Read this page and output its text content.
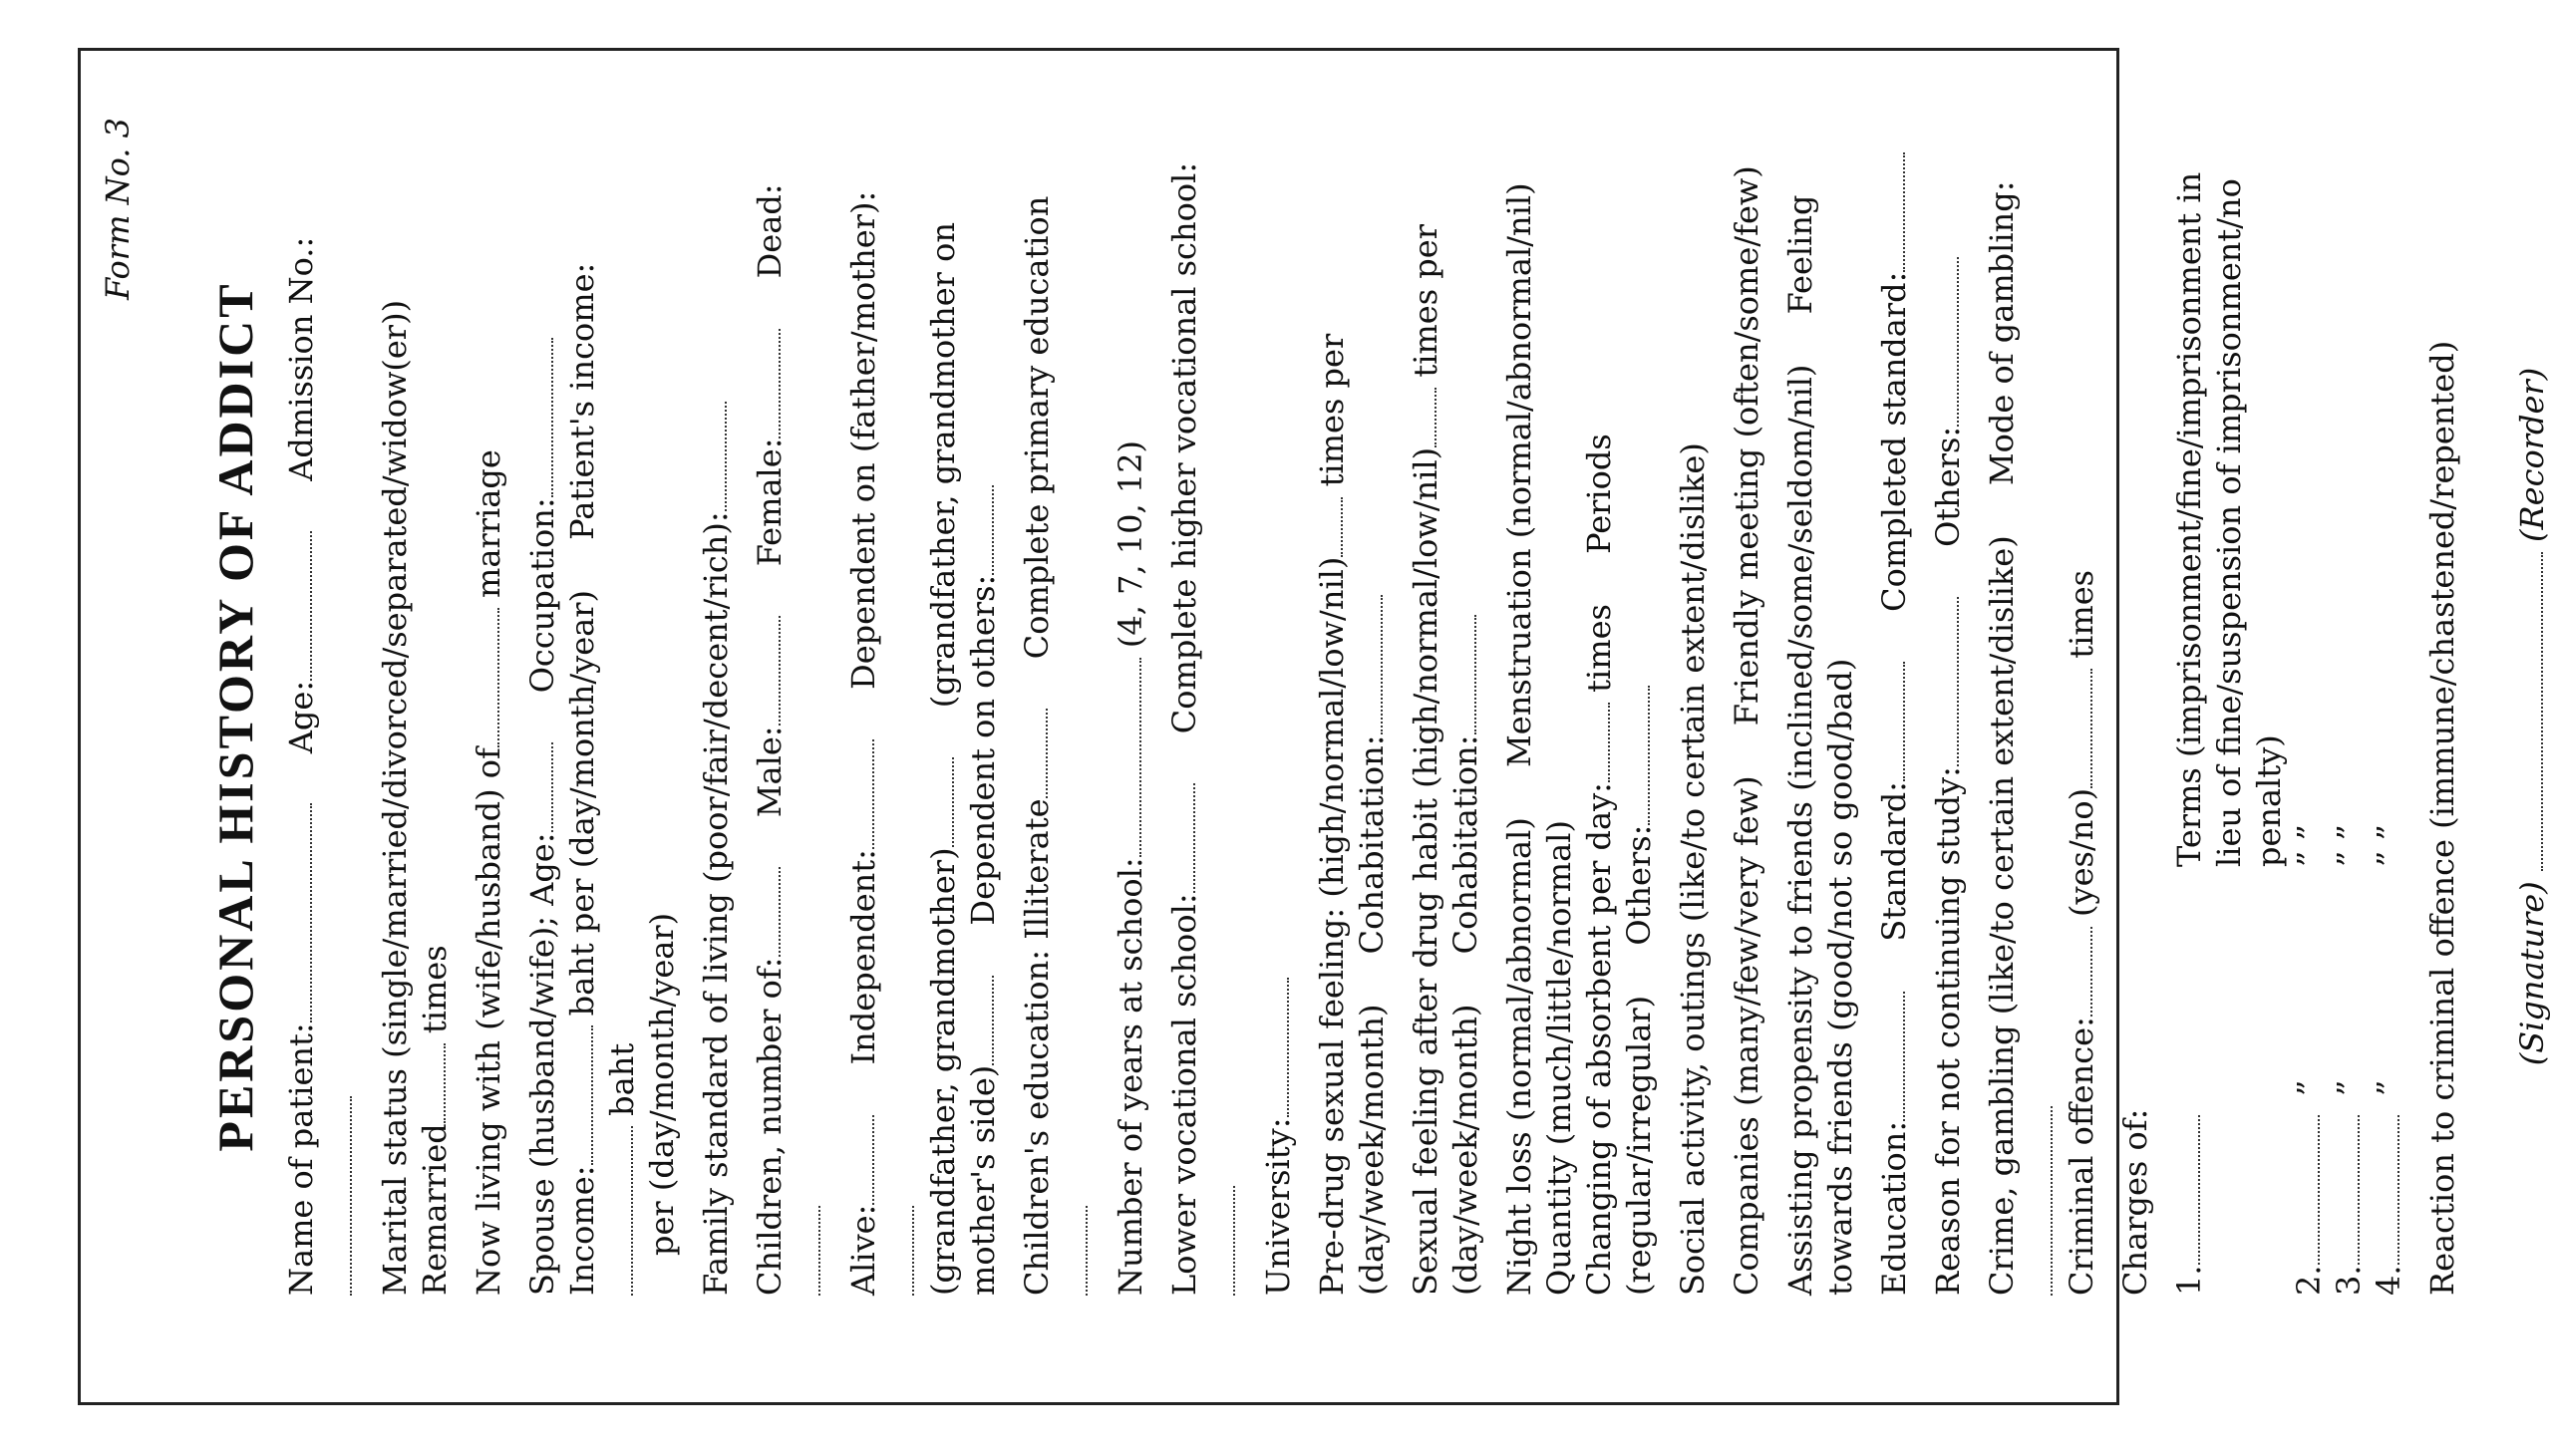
Form No. 3
PERSONAL HISTORY OF ADDICT
Name of patient: Age: Admission No.:	Marital status (single/married/divorced/separated/widow(er)) Remarried times Now living with (wife/husband) of marriage
Spouse (husband/wife); Age: Occupation:
Income: baht per (day/month/year) Patient's income: baht
per (day/month/year) Family standard of living (poor/fair/decent/rich): Children, number of: Male: Female: Dead:
Alive: Independent: Dependent on (father/mother):
(grandfather, grandmother) (grandfather, grandmother on mother's side) Dependent on others:
Children's education: Illiterate Complete primary education
Number of years at school: (4, 7, 10, 12)
Lower vocational school: Complete higher vocational school:
University: Pre-drug sexual feeling: (high/normal/low/nil) times per (day/week/month) Cohabitation: Sexual feeling after drug habit (high/normal/low/nil) times per (day/week/month) Cohabitation: Night loss (normal/abnormal) Menstruation (normal/abnormal/nil) Quantity (much/little/normal)
Changing of absorbent per day: times Periods (regular/irregular) Others: Social activity, outings (like/to certain extent/dislike) Companies (many/few/very few) Friendly meeting (often/some/few) Assisting propensity to friends (inclined/some/seldom/nil) Feeling towards friends (good/not so good/bad) Education: Standard: Completed standard:
Reason for not continuing study: Others:
Crime, gambling (like/to certain extent/dislike) Mode of gambling:
Criminal offence: (yes/no) times
Charges of: 1.
Terms (imprisonment/fine/imprisonment in lieu of fine/suspension of imprisonment/no penalty)
2.
”
” ”
3.
”
” ”
4.
”
” ” Reaction to criminal offence (immune/chastened/repented) (Signature)  (Recorder)
